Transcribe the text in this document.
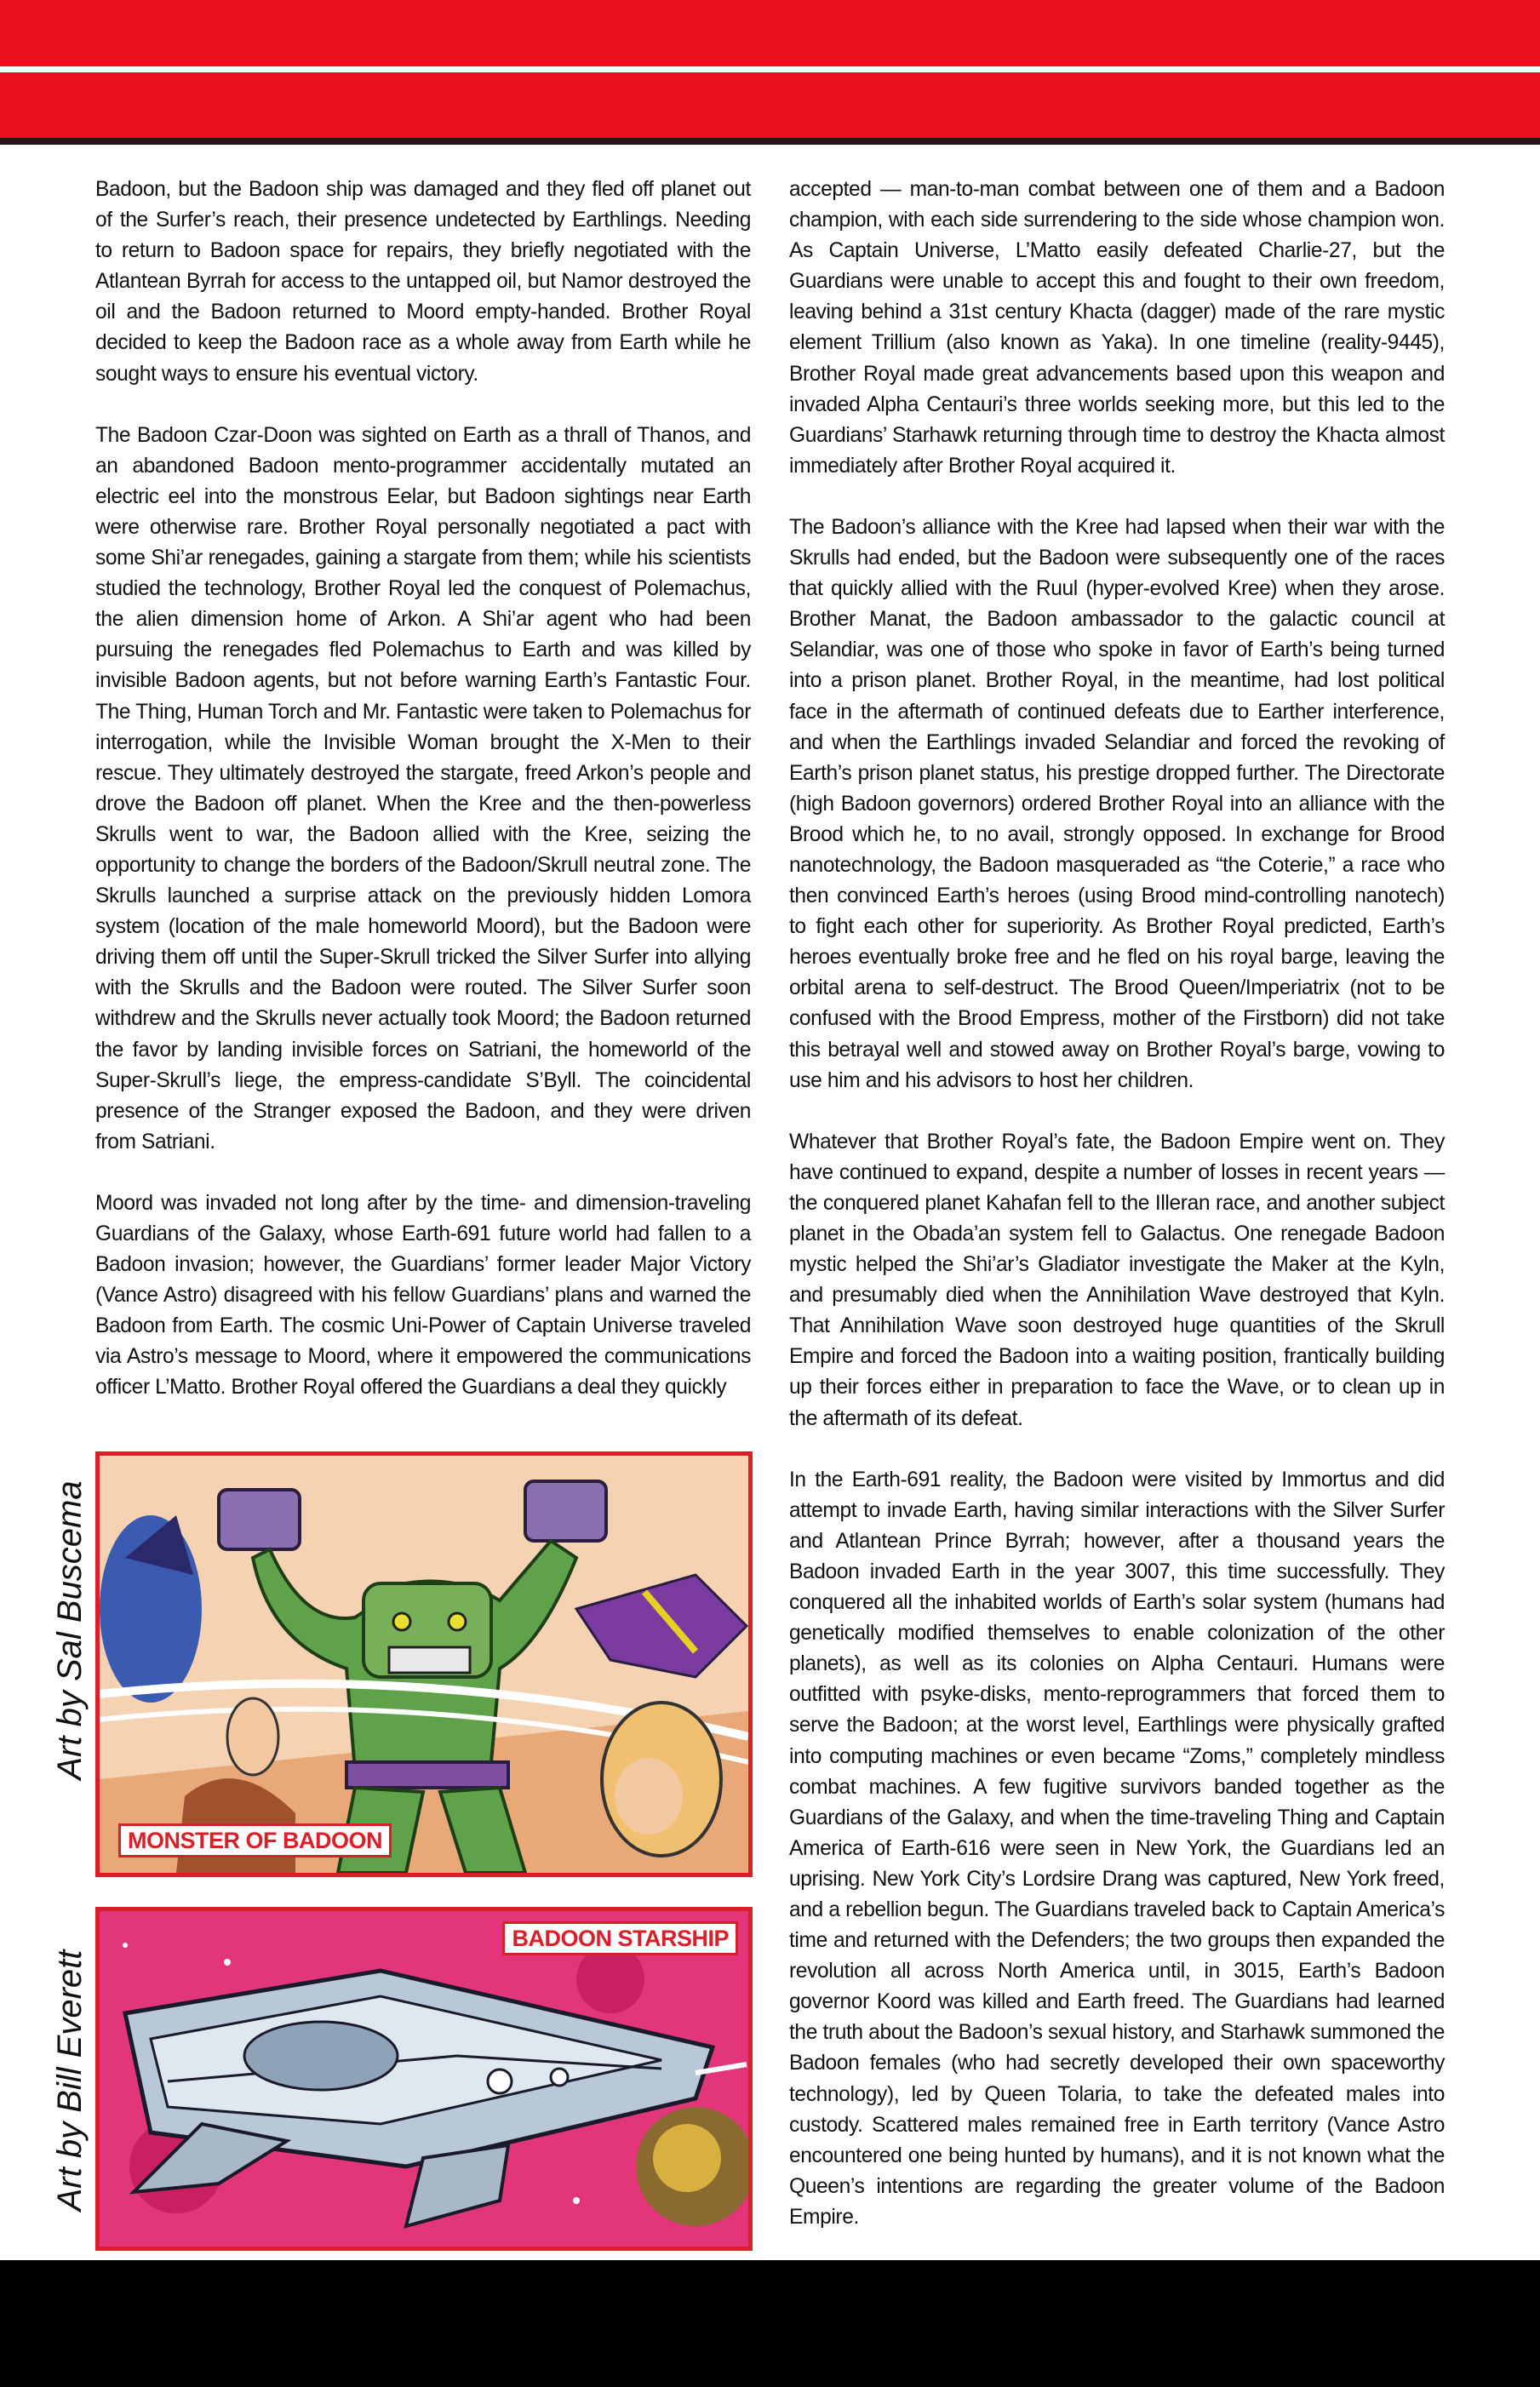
Badoon, but the Badoon ship was damaged and they fled off planet out of the Surfer’s reach, their presence undetected by Earthlings. Needing to return to Badoon space for repairs, they briefly negotiated with the Atlantean Byrrah for access to the untapped oil, but Namor destroyed the oil and the Badoon returned to Moord empty-handed. Brother Royal decided to keep the Badoon race as a whole away from Earth while he sought ways to ensure his eventual victory.

The Badoon Czar-Doon was sighted on Earth as a thrall of Thanos, and an abandoned Badoon mento-programmer accidentally mutated an electric eel into the monstrous Eelar, but Badoon sightings near Earth were otherwise rare. Brother Royal personally negotiated a pact with some Shi’ar renegades, gaining a stargate from them; while his scientists studied the technology, Brother Royal led the conquest of Polemachus, the alien dimension home of Arkon. A Shi’ar agent who had been pursuing the renegades fled Polemachus to Earth and was killed by invisible Badoon agents, but not before warning Earth’s Fantastic Four. The Thing, Human Torch and Mr. Fantastic were taken to Polemachus for interrogation, while the Invisible Woman brought the X-Men to their rescue. They ultimately destroyed the stargate, freed Arkon’s people and drove the Badoon off planet. When the Kree and the then-powerless Skrulls went to war, the Badoon allied with the Kree, seizing the opportunity to change the borders of the Badoon/Skrull neutral zone. The Skrulls launched a surprise attack on the previously hidden Lomora system (location of the male homeworld Moord), but the Badoon were driving them off until the Super-Skrull tricked the Silver Surfer into allying with the Skrulls and the Badoon were routed. The Silver Surfer soon withdrew and the Skrulls never actually took Moord; the Badoon returned the favor by landing invisible forces on Satriani, the homeworld of the Super-Skrull’s liege, the empress-candidate S’Byll. The coincidental presence of the Stranger exposed the Badoon, and they were driven from Satriani.

Moord was invaded not long after by the time- and dimension-traveling Guardians of the Galaxy, whose Earth-691 future world had fallen to a Badoon invasion; however, the Guardians’ former leader Major Victory (Vance Astro) disagreed with his fellow Guardians’ plans and warned the Badoon from Earth. The cosmic Uni-Power of Captain Universe traveled via Astro’s message to Moord, where it empowered the communications officer L’Matto. Brother Royal offered the Guardians a deal they quickly

accepted — man-to-man combat between one of them and a Badoon champion, with each side surrendering to the side whose champion won. As Captain Universe, L’Matto easily defeated Charlie-27, but the Guardians were unable to accept this and fought to their own freedom, leaving behind a 31st century Khacta (dagger) made of the rare mystic element Trillium (also known as Yaka). In one timeline (reality-9445), Brother Royal made great advancements based upon this weapon and invaded Alpha Centauri’s three worlds seeking more, but this led to the Guardians’ Starhawk returning through time to destroy the Khacta almost immediately after Brother Royal acquired it.

The Badoon’s alliance with the Kree had lapsed when their war with the Skrulls had ended, but the Badoon were subsequently one of the races that quickly allied with the Ruul (hyper-evolved Kree) when they arose. Brother Manat, the Badoon ambassador to the galactic council at Selandiar, was one of those who spoke in favor of Earth’s being turned into a prison planet. Brother Royal, in the meantime, had lost political face in the aftermath of continued defeats due to Earther interference, and when the Earthlings invaded Selandiar and forced the revoking of Earth’s prison planet status, his prestige dropped further. The Directorate (high Badoon governors) ordered Brother Royal into an alliance with the Brood which he, to no avail, strongly opposed. In exchange for Brood nanotechnology, the Badoon masqueraded as “the Coterie,” a race who then convinced Earth’s heroes (using Brood mind-controlling nanotech) to fight each other for superiority. As Brother Royal predicted, Earth’s heroes eventually broke free and he fled on his royal barge, leaving the orbital arena to self-destruct. The Brood Queen/Imperiatrix (not to be confused with the Brood Empress, mother of the Firstborn) did not take this betrayal well and stowed away on Brother Royal’s barge, vowing to use him and his advisors to host her children.

Whatever that Brother Royal’s fate, the Badoon Empire went on. They have continued to expand, despite a number of losses in recent years — the conquered planet Kahafan fell to the Illeran race, and another subject planet in the Obada’an system fell to Galactus. One renegade Badoon mystic helped the Shi’ar’s Gladiator investigate the Maker at the Kyln, and presumably died when the Annihilation Wave destroyed that Kyln. That Annihilation Wave soon destroyed huge quantities of the Skrull Empire and forced the Badoon into a waiting position, frantically building up their forces either in preparation to face the Wave, or to clean up in the aftermath of its defeat.

In the Earth-691 reality, the Badoon were visited by Immortus and did attempt to invade Earth, having similar interactions with the Silver Surfer and Atlantean Prince Byrrah; however, after a thousand years the Badoon invaded Earth in the year 3007, this time successfully. They conquered all the inhabited worlds of Earth’s solar system (humans had genetically modified themselves to enable colonization of the other planets), as well as its colonies on Alpha Centauri. Humans were outfitted with psyke-disks, mento-reprogrammers that forced them to serve the Badoon; at the worst level, Earthlings were physically grafted into computing machines or even became “Zoms,” completely mindless combat machines. A few fugitive survivors banded together as the Guardians of the Galaxy, and when the time-traveling Thing and Captain America of Earth-616 were seen in New York, the Guardians led an uprising. New York City’s Lordsire Drang was captured, New York freed, and a rebellion begun. The Guardians traveled back to Captain America’s time and returned with the Defenders; the two groups then expanded the revolution all across North America until, in 3015, Earth’s Badoon governor Koord was killed and Earth freed. The Guardians had learned the truth about the Badoon’s sexual history, and Starhawk summoned the Badoon females (who had secretly developed their own spaceworthy technology), led by Queen Tolaria, to take the defeated males into custody. Scattered males remained free in Earth territory (Vance Astro encountered one being hunted by humans), and it is not known what the Queen’s intentions are regarding the greater volume of the Badoon Empire.

Art by Sal Buscema
Art by Bill Everett
MONSTER OF BADOON
BADOON STARSHIP
